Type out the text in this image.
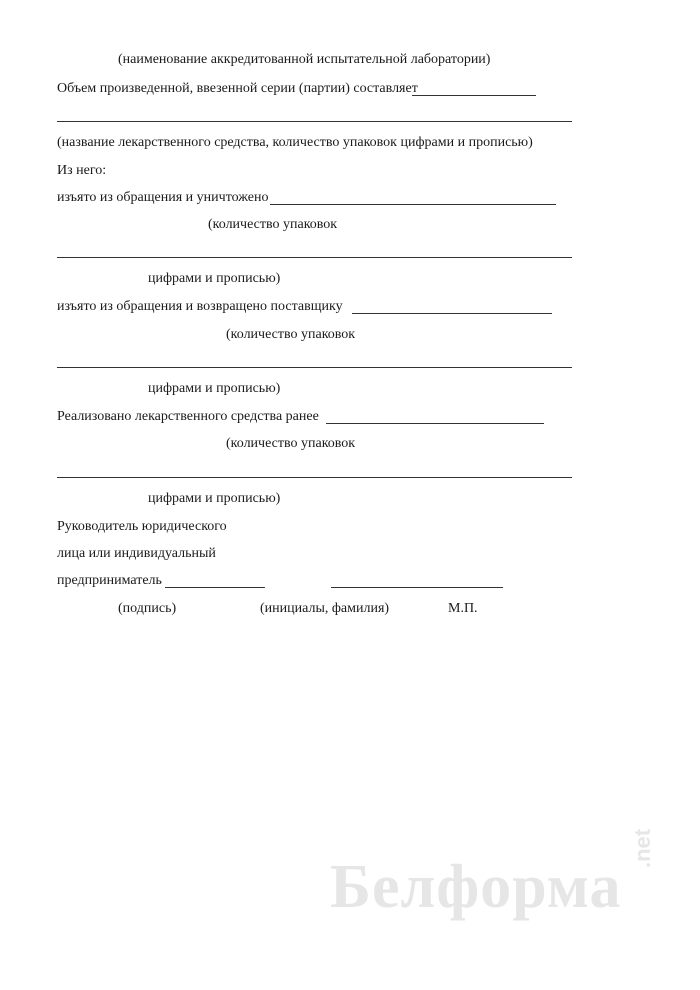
(наименование аккредитованной испытательной лаборатории)
Объем произведенной, ввезенной серии (партии) составляет
(название лекарственного средства, количество упаковок цифрами и прописью)
Из него:
изъято из обращения и уничтожено
(количество упаковок
цифрами и прописью)
изъято из обращения и возвращено поставщику
(количество упаковок
цифрами и прописью)
Реализовано лекарственного средства ранее
(количество упаковок
цифрами и прописью)
Руководитель юридического
лица или индивидуальный
предприниматель
(подпись)	(инициалы, фамилия)	М.П.
Белформа
.net
